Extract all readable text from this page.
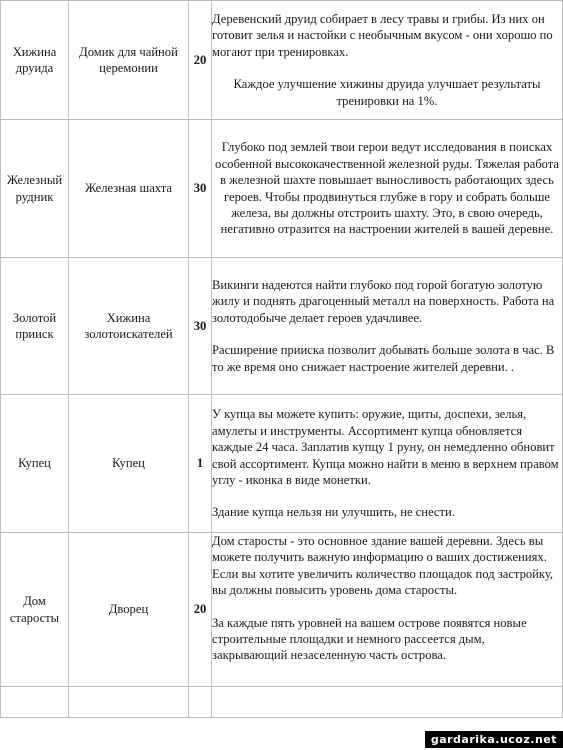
Хижина друида	Домик для чайной церемонии	20	Деревенский друид собирает в лесу травы и грибы. Из них он готовит зелья и настойки с необычным вкусом - они хорошо по могают при тренировках.

Каждое улучшение хижины друида улучшает результаты тренировки на 1%.

Железный рудник	Железная шахта	30	Глубоко под землей твои герои ведут исследования в поисках особенной высококачественной железной руды. Тяжелая работа в железной шахте повышает выносливость работающих здесь героев. Чтобы продвинуться глубже в гору и собрать больше железа, вы должны отстроить шахту. Это, в свою очередь, негативно отразится на настроении жителей в вашей деревне.

Золотой прииск	Хижина золотоискателей	30	Викинги надеются найти глубоко под горой богатую золотую жилу и поднять драгоценный металл на поверхность. Работа на золотодобыче делает героев удачливее.

Расширение прииска позволит добывать больше золота в час. В то же время оно снижает настроение жителей деревни. .

Купец	Купец	1	У купца вы можете купить: оружие, щиты, доспехи, зелья, амулеты и инструменты. Ассортимент купца обновляется каждые 24 часа. Заплатив купцу 1 руну, он немедленно обновит свой ассортимент. Купца можно найти в меню в верхнем правом углу - иконка в виде монетки.

Здание купца нельзя ни улучшить, не снести.

Дом старосты	Дворец	20	Дом старосты - это основное здание вашей деревни. Здесь вы можете получить важную информацию о ваших достижениях. Если вы хотите увеличить количество площадок под застройку, вы должны повысить уровень дома старосты.

За каждые пять уровней на вашем острове появятся новые строительные площадки и немного рассеется дым, закрывающий незаселенную часть острова.

gardarika.ucoz.net
